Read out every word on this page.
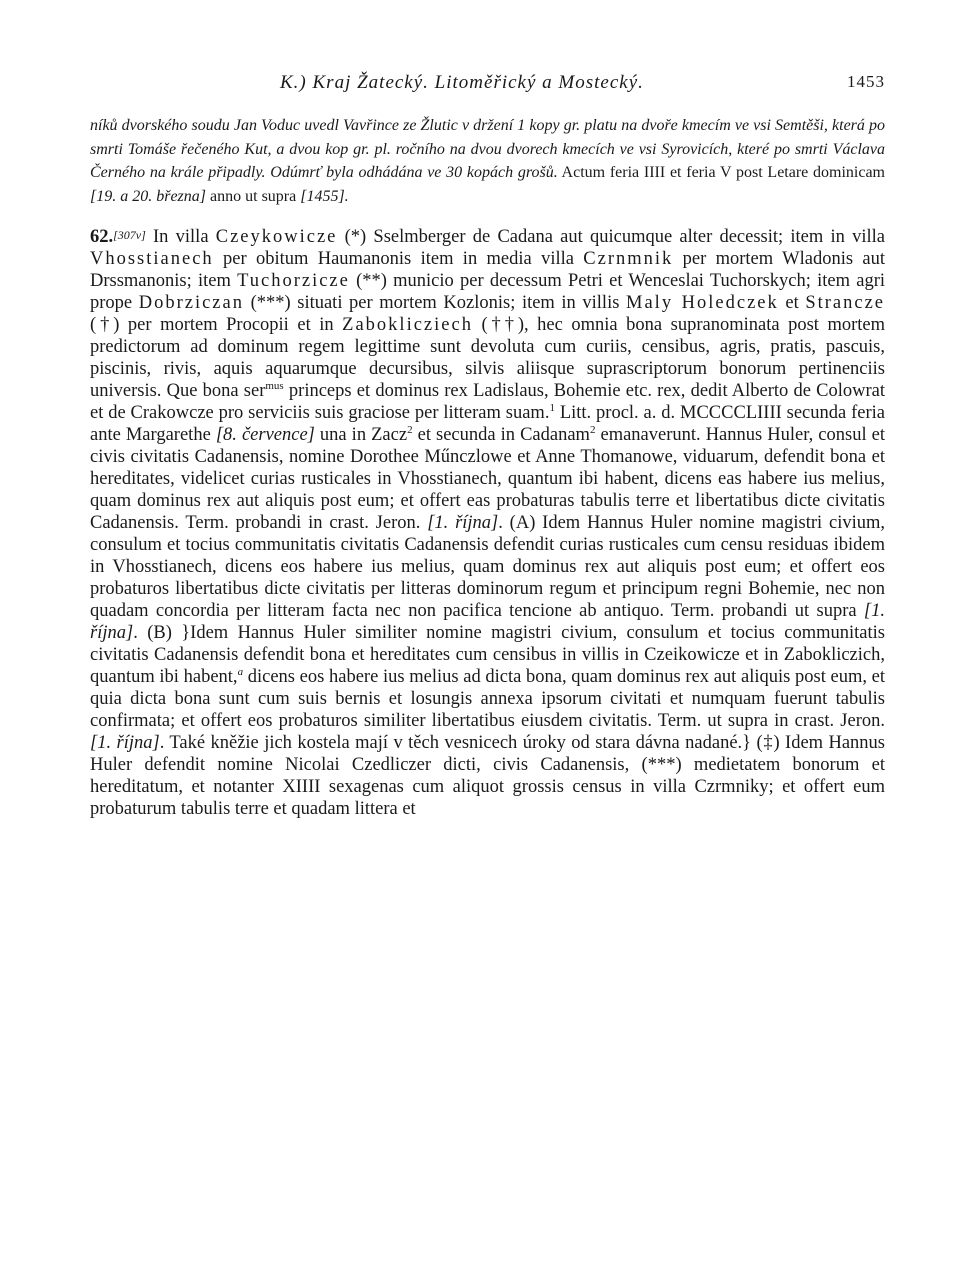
K.) Kraj Žatecký. Litoměřický a Mostecký.	1453
níků dvorského soudu Jan Voduc uvedl Vavřince ze Žlutic v držení 1 kopy gr. platu na dvoře kmecím ve vsi Semtěši, která po smrti Tomáše řečeného Kut, a dvou kop gr. pl. ročního na dvou dvorech kmecích ve vsi Syrovicích, které po smrti Václava Černého na krále připadly. Odúmrť byla odhádána ve 30 kopách grošů. Actum feria IIII et feria V post Letare dominicam [19. a 20. března] anno ut supra [1455].
62.[307v] In villa Czeykowicze (*) Sselmberger de Cadana aut quicumque alter decessit; item in villa Vhosstianech per obitum Haumanonis item in media villa Czrnmnik per mortem Wladonis aut Drssmanonis; item Tuchorzicze (**) municio per decessum Petri et Wenceslai Tuchorskych; item agri prope Dobrziczan (***) situati per mortem Kozlonis; item in villis Maly Holedczek et Strancze (†) per mortem Procopii et in Zaboklicziech (††), hec omnia bona supranominata post mortem predictorum ad dominum regem legittime sunt devoluta cum curiis, censibus, agris, pratis, pascuis, piscinis, rivis, aquis aquarumque decursibus, silvis aliisque suprascriptorum bonorum pertinenciis universis. Que bona ser$^{mus}$ princeps et dominus rex Ladislaus, Bohemie etc. rex, dedit Alberto de Colowrat et de Crakowcze pro serviciis suis graciose per litteram suam.$^1$ Litt. procl. a. d. MCCCCLIIII secunda feria ante Margarethe [8. července] una in Zacz$^2$ et secunda in Cadanam$^2$ emanaverunt. Hannus Huler, consul et civis civitatis Cadanensis, nomine Dorothee Műnczlowe et Anne Thomanowe, viduarum, defendit bona et hereditates, videlicet curias rusticales in Vhosstianech, quantum ibi habent, dicens eas habere ius melius, quam dominus rex aut aliquis post eum; et offert eas probaturas tabulis terre et libertatibus dicte civitatis Cadanensis. Term. probandi in crast. Jeron. [1. října]. (A) Idem Hannus Huler nomine magistri civium, consulum et tocius communitatis civitatis Cadanensis defendit curias rusticales cum censu residuas ibidem in Vhosstianech, dicens eos habere ius melius, quam dominus rex aut aliquis post eum; et offert eos probaturos libertatibus dicte civitatis per litteras dominorum regum et principum regni Bohemie, nec non quadam concordia per litteram facta nec non pacifica tencione ab antiquo. Term. probandi ut supra [1. října]. (B) }Idem Hannus Huler similiter nomine magistri civium, consulum et tocius communitatis civitatis Cadanensis defendit bona et hereditates cum censibus in villis in Czeikowicze et in Zabokliczich, quantum ibi habent,$^a$ dicens eos habere ius melius ad dicta bona, quam dominus rex aut aliquis post eum, et quia dicta bona sunt cum suis bernis et losungis annexa ipsorum civitati et numquam fuerunt tabulis confirmata; et offert eos probaturos similiter libertatibus eiusdem civitatis. Term. ut supra in crast. Jeron. [1. října]. Také kněžie jich kostela mají v těch vesnicech úroky od stara dávna nadané.} (‡) Idem Hannus Huler defendit nomine Nicolai Czedliczer dicti, civis Cadanensis, (***) medietatem bonorum et hereditatum, et notanter XIIII sexagenas cum aliquot grossis census in villa Czrmniky; et offert eum probaturum tabulis terre et quadam littera et
